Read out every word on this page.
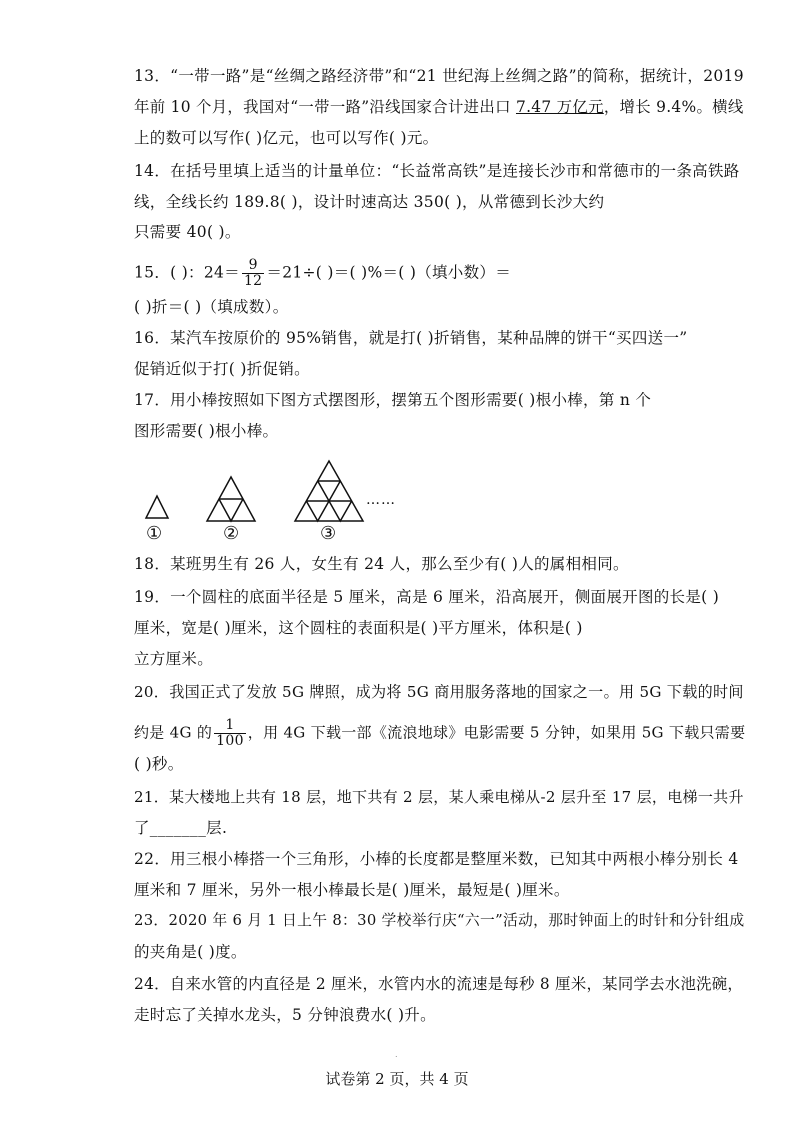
13．“一带一路”是“丝绸之路经济带”和“21 世纪海上丝绸之路”的简称，据统计，2019
年前 10 个月，我国对“一带一路”沿线国家合计进出口 7.47 万亿元，增长 9.4%。横线
上的数可以写作( )亿元，也可以写作( )元。
14．在括号里填上适当的计量单位：“长益常高铁”是连接长沙市和常德市的一条高铁路
线，全线长约 189.8( )，设计时速高达 350( )，从常德到长沙大约
只需要 40( )。
15．( )：$24= \frac{9}{12} =21\div$( )＝( )%＝( )（填小数）＝
( )折＝( )（填成数）。
16．某汽车按原价的 95%销售，就是打( )折销售，某种品牌的饼干“买四送一”
促销近似于打( )折促销。
17．用小棒按照如下图方式摆图形，摆第五个图形需要( )根小棒，第 n 个
图形需要( )根小棒。
……
①	②	③
18．某班男生有 26 人，女生有 24 人，那么至少有( )人的属相相同。
19．一个圆柱的底面半径是 5 厘米，高是 6 厘米，沿高展开，侧面展开图的长是( )
厘米，宽是( )厘米，这个圆柱的表面积是( )平方厘米，体积是( )
立方厘米。
20．我国正式了发放 5G 牌照，成为将 5G 商用服务落地的国家之一。用 5G 下载的时间
约是 4G 的 $\frac{1}{100}$ ，用 4G 下载一部《流浪地球》电影需要 5 分钟，如果用 5G 下载只需要
( )秒。
21．某大楼地上共有 18 层，地下共有 2 层，某人乘电梯从-2 层升至 17 层，电梯一共升
了_______层.
22．用三根小棒搭一个三角形，小棒的长度都是整厘米数，已知其中两根小棒分别长 4
厘米和 7 厘米，另外一根小棒最长是( )厘米，最短是( )厘米。
23．2020 年 6 月 1 日上午 8：30 学校举行庆“六一”活动，那时钟面上的时针和分针组成
的夹角是( )度。
24．自来水管的内直径是 2 厘米，水管内水的流速是每秒 8 厘米，某同学去水池洗碗，
走时忘了关掉水龙头，5 分钟浪费水( )升。
.
试卷第 2 页，共 4 页
